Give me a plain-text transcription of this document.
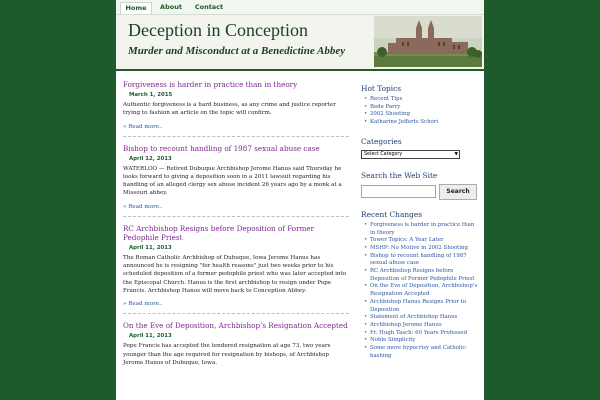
Home	About	Contact
Deception in Conception
Murder and Misconduct at a Benedictine Abbey
Forgiveness is harder in practice than in theory
March 1, 2015

Authentic forgiveness is a hard business, as any crime and justice reporter trying to fashion an article on the topic will confirm.

» Read more..
Bishop to recount handling of 1987 sexual abuse case
April 12, 2013

WATERLOO — Retired Dubuque Archbishop Jerome Hanus said Thursday he looks forward to giving a deposition soon in a 2011 lawsuit regarding his handling of an alleged clergy sex abuse incident 26 years ago by a monk at a Missouri abbey.

» Read more..
RC Archbishop Resigns before Deposition of Former Pedophile Priest
April 11, 2013

The Roman Catholic Archbishop of Dubuque, Iowa Jerome Hanus has announced he is resigning "for health reasons" just two weeks prior to his scheduled deposition of a former pedophile priest who was later accepted into the Episcopal Church. Hanus is the first archbishop to resign under Pope Francis. Archbishop Hanus will move back to Conception Abbey.

» Read more..
On the Eve of Deposition, Archbishop’s Resignation Accepted
April 11, 2013

Pope Francis has accepted the tendered resignation at age 73, two years younger than the age required for resignation by bishops, of Archbishop Jerome Hanus of Dubuque, Iowa.

Hot Topics
• Recent Tips
• Bede Parry
• 2002 Shooting
• Katharine Jefferts Schori
Categories
Select Category	▼
Search the Web Site
Search
Recent Changes
• Forgiveness is harder in practice than in theory
• Tower Topics: A Year Later
• MSHP: No Motive in 2002 Shooting
• Bishop to recount handling of 1987 sexual abuse case
• RC Archbishop Resigns before Deposition of Former Pedophile Priest
• On the Eve of Deposition, Archbishop’s Resignation Accepted
• Archbishop Hanus Resigns Prior to Deposition
• Statement of Archbishop Hanus
• Archbishop Jerome Hanus
• Fr. Hugh Tasch: 60 Years Professed
• Noble Simplicity
• Some more hypocrisy and Catholic-bashing
